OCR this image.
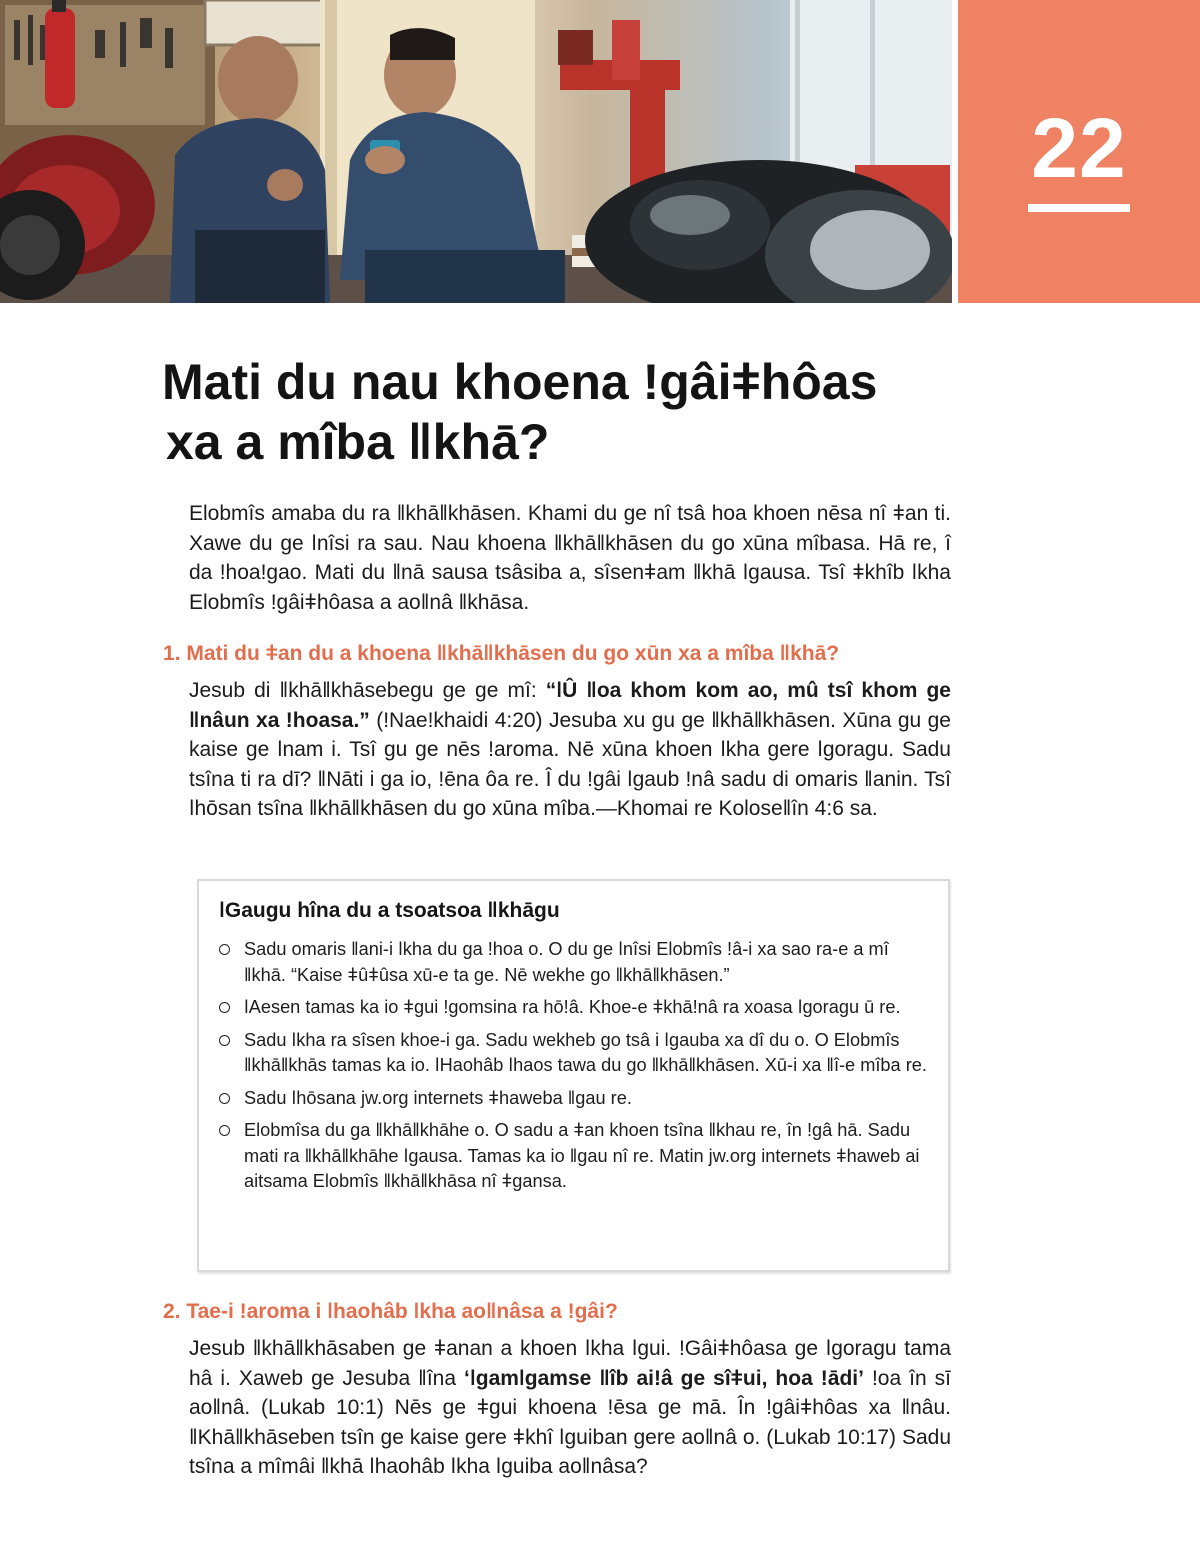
22
Mati du nau khoena ǃgâiǂhôas
xa a mîba ǁkhā?

Elobmîs amaba du ra ǁkhāǁkhāsen. Khami du ge nî tsâ hoa khoen nēsa nî ǂan ti. Xawe du ge ǀnîsi ra sau. Nau khoena ǁkhāǁkhāsen du go xūna mîbasa. Hā re, î da ǃhoaǃgao. Mati du ǁnā sausa tsâsiba a, sîsenǂam ǁkhā ǀgausa. Tsî ǂkhîb ǀkha Elobmîs ǃgâiǂhôasa a aoǁnâ ǁkhāsa.

1. Mati du ǂan du a khoena ǁkhāǁkhāsen du go xūn xa a mîba ǁkhā?

Jesub di ǁkhāǁkhāsebegu ge ge mî: “ǀÛ ǁoa khom kom ao, mû tsî khom ge ǁnâun xa ǃhoasa.” (ǃNaeǃkhaidi 4:20) Jesuba xu gu ge ǁkhāǁkhāsen. Xūna gu ge kaise ge ǀnam i. Tsî gu ge nēs ǃaroma. Nē xūna khoen ǀkha gere ǀgoragu. Sadu tsîna ti ra dī? ǁNāti i ga io, ǃēna ôa re. Î du ǃgâi ǀgaub ǃnâ sadu di omaris ǁanin. Tsî ǀhōsan tsîna ǁkhāǁkhāsen du go xūna mîba.—Khomai re Koloseǁîn 4:6 sa.

ǀGaugu hîna du a tsoatsoa ǁkhāgu
Sadu omaris ǁani-i ǀkha du ga ǃhoa o. O du ge ǀnîsi Elobmîs ǃâ-i xa sao ra-e a mî ǁkhā. “Kaise ǂûǂûsa xū-e ta ge. Nē wekhe go ǁkhāǁkhāsen.”
ǀAesen tamas ka io ǂgui ǃgomsina ra hōǃâ. Khoe-e ǂkhāǃnâ ra xoasa ǀgoragu ū re.
Sadu ǀkha ra sîsen khoe-i ga. Sadu wekheb go tsâ i ǀgauba xa dî du o. O Elobmîs ǁkhāǁkhās tamas ka io. ǀHaohâb ǀhaos tawa du go ǁkhāǁkhāsen. Xū-i xa ǁî-e mîba re.
Sadu ǀhōsana jw.org internets ǂhaweba ǁgau re.
Elobmîsa du ga ǁkhāǁkhāhe o. O sadu a ǂan khoen tsîna ǁkhau re, în ǃgâ hā. Sadu mati ra ǁkhāǁkhāhe ǀgausa. Tamas ka io ǁgau nî re. Matin jw.org internets ǂhaweb ai aitsama Elobmîs ǁkhāǁkhāsa nî ǂgansa.
2. Tae-i ǃaroma i ǀhaohâb ǀkha aoǁnâsa a ǃgâi?

Jesub ǁkhāǁkhāsaben ge ǂanan a khoen ǀkha ǀgui. ǃGâiǂhôasa ge ǀgoragu tama hâ i. Xaweb ge Jesuba ǁîna ‘ǀgamǀgamse ǁîb aiǃâ ge sîǂui, hoa ǃādi’ ǃoa în sī aoǁnâ. (Lukab 10:1) Nēs ge ǂgui khoena ǃēsa ge mā. În ǃgâiǂhôas xa ǁnâu. ǁKhāǁkhāseben tsîn ge kaise gere ǂkhî ǀguiban gere aoǁnâ o. (Lukab 10:17) Sadu tsîna a mîmâi ǁkhā ǀhaohâb ǀkha ǀguiba aoǁnâsa?
